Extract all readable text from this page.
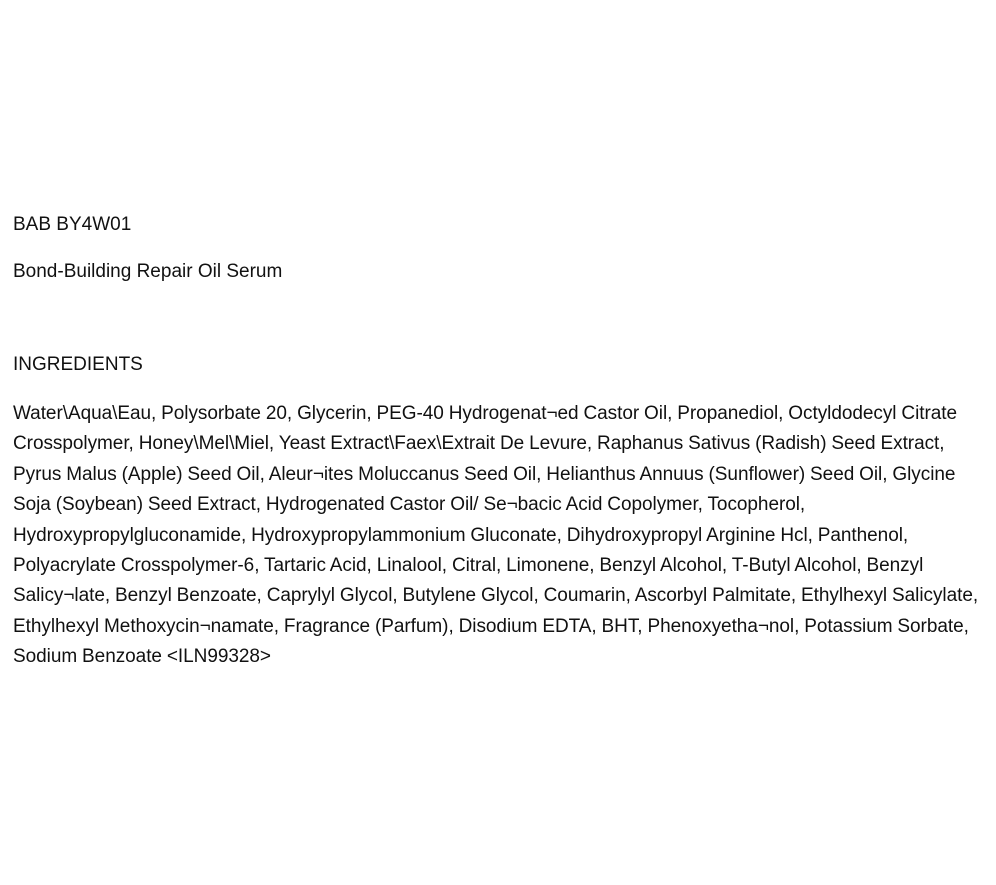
BAB BY4W01
Bond-Building Repair Oil Serum
INGREDIENTS
Water\Aqua\Eau, Polysorbate 20, Glycerin, PEG-40 Hydrogenat¬ed Castor Oil, Propanediol, Octyldodecyl Citrate Crosspolymer, Honey\Mel\Miel, Yeast Extract\Faex\Extrait De Levure, Raphanus Sativus (Radish) Seed Extract, Pyrus Malus (Apple) Seed Oil, Aleur¬ites Moluccanus Seed Oil, Helianthus Annuus (Sunflower) Seed Oil, Glycine Soja (Soybean) Seed Extract, Hydrogenated Castor Oil/ Se¬bacic Acid Copolymer, Tocopherol, Hydroxypropylgluconamide, Hydroxypropylammonium Gluconate, Dihydroxypropyl Arginine Hcl, Panthenol, Polyacrylate Crosspolymer-6, Tartaric Acid, Linalool, Citral, Limonene, Benzyl Alcohol, T-Butyl Alcohol, Benzyl Salicy¬late, Benzyl Benzoate, Caprylyl Glycol, Butylene Glycol, Coumarin, Ascorbyl Palmitate, Ethylhexyl Salicylate, Ethylhexyl Methoxycin¬namate, Fragrance (Parfum), Disodium EDTA, BHT, Phenoxyetha¬nol, Potassium Sorbate, Sodium Benzoate <ILN99328>
